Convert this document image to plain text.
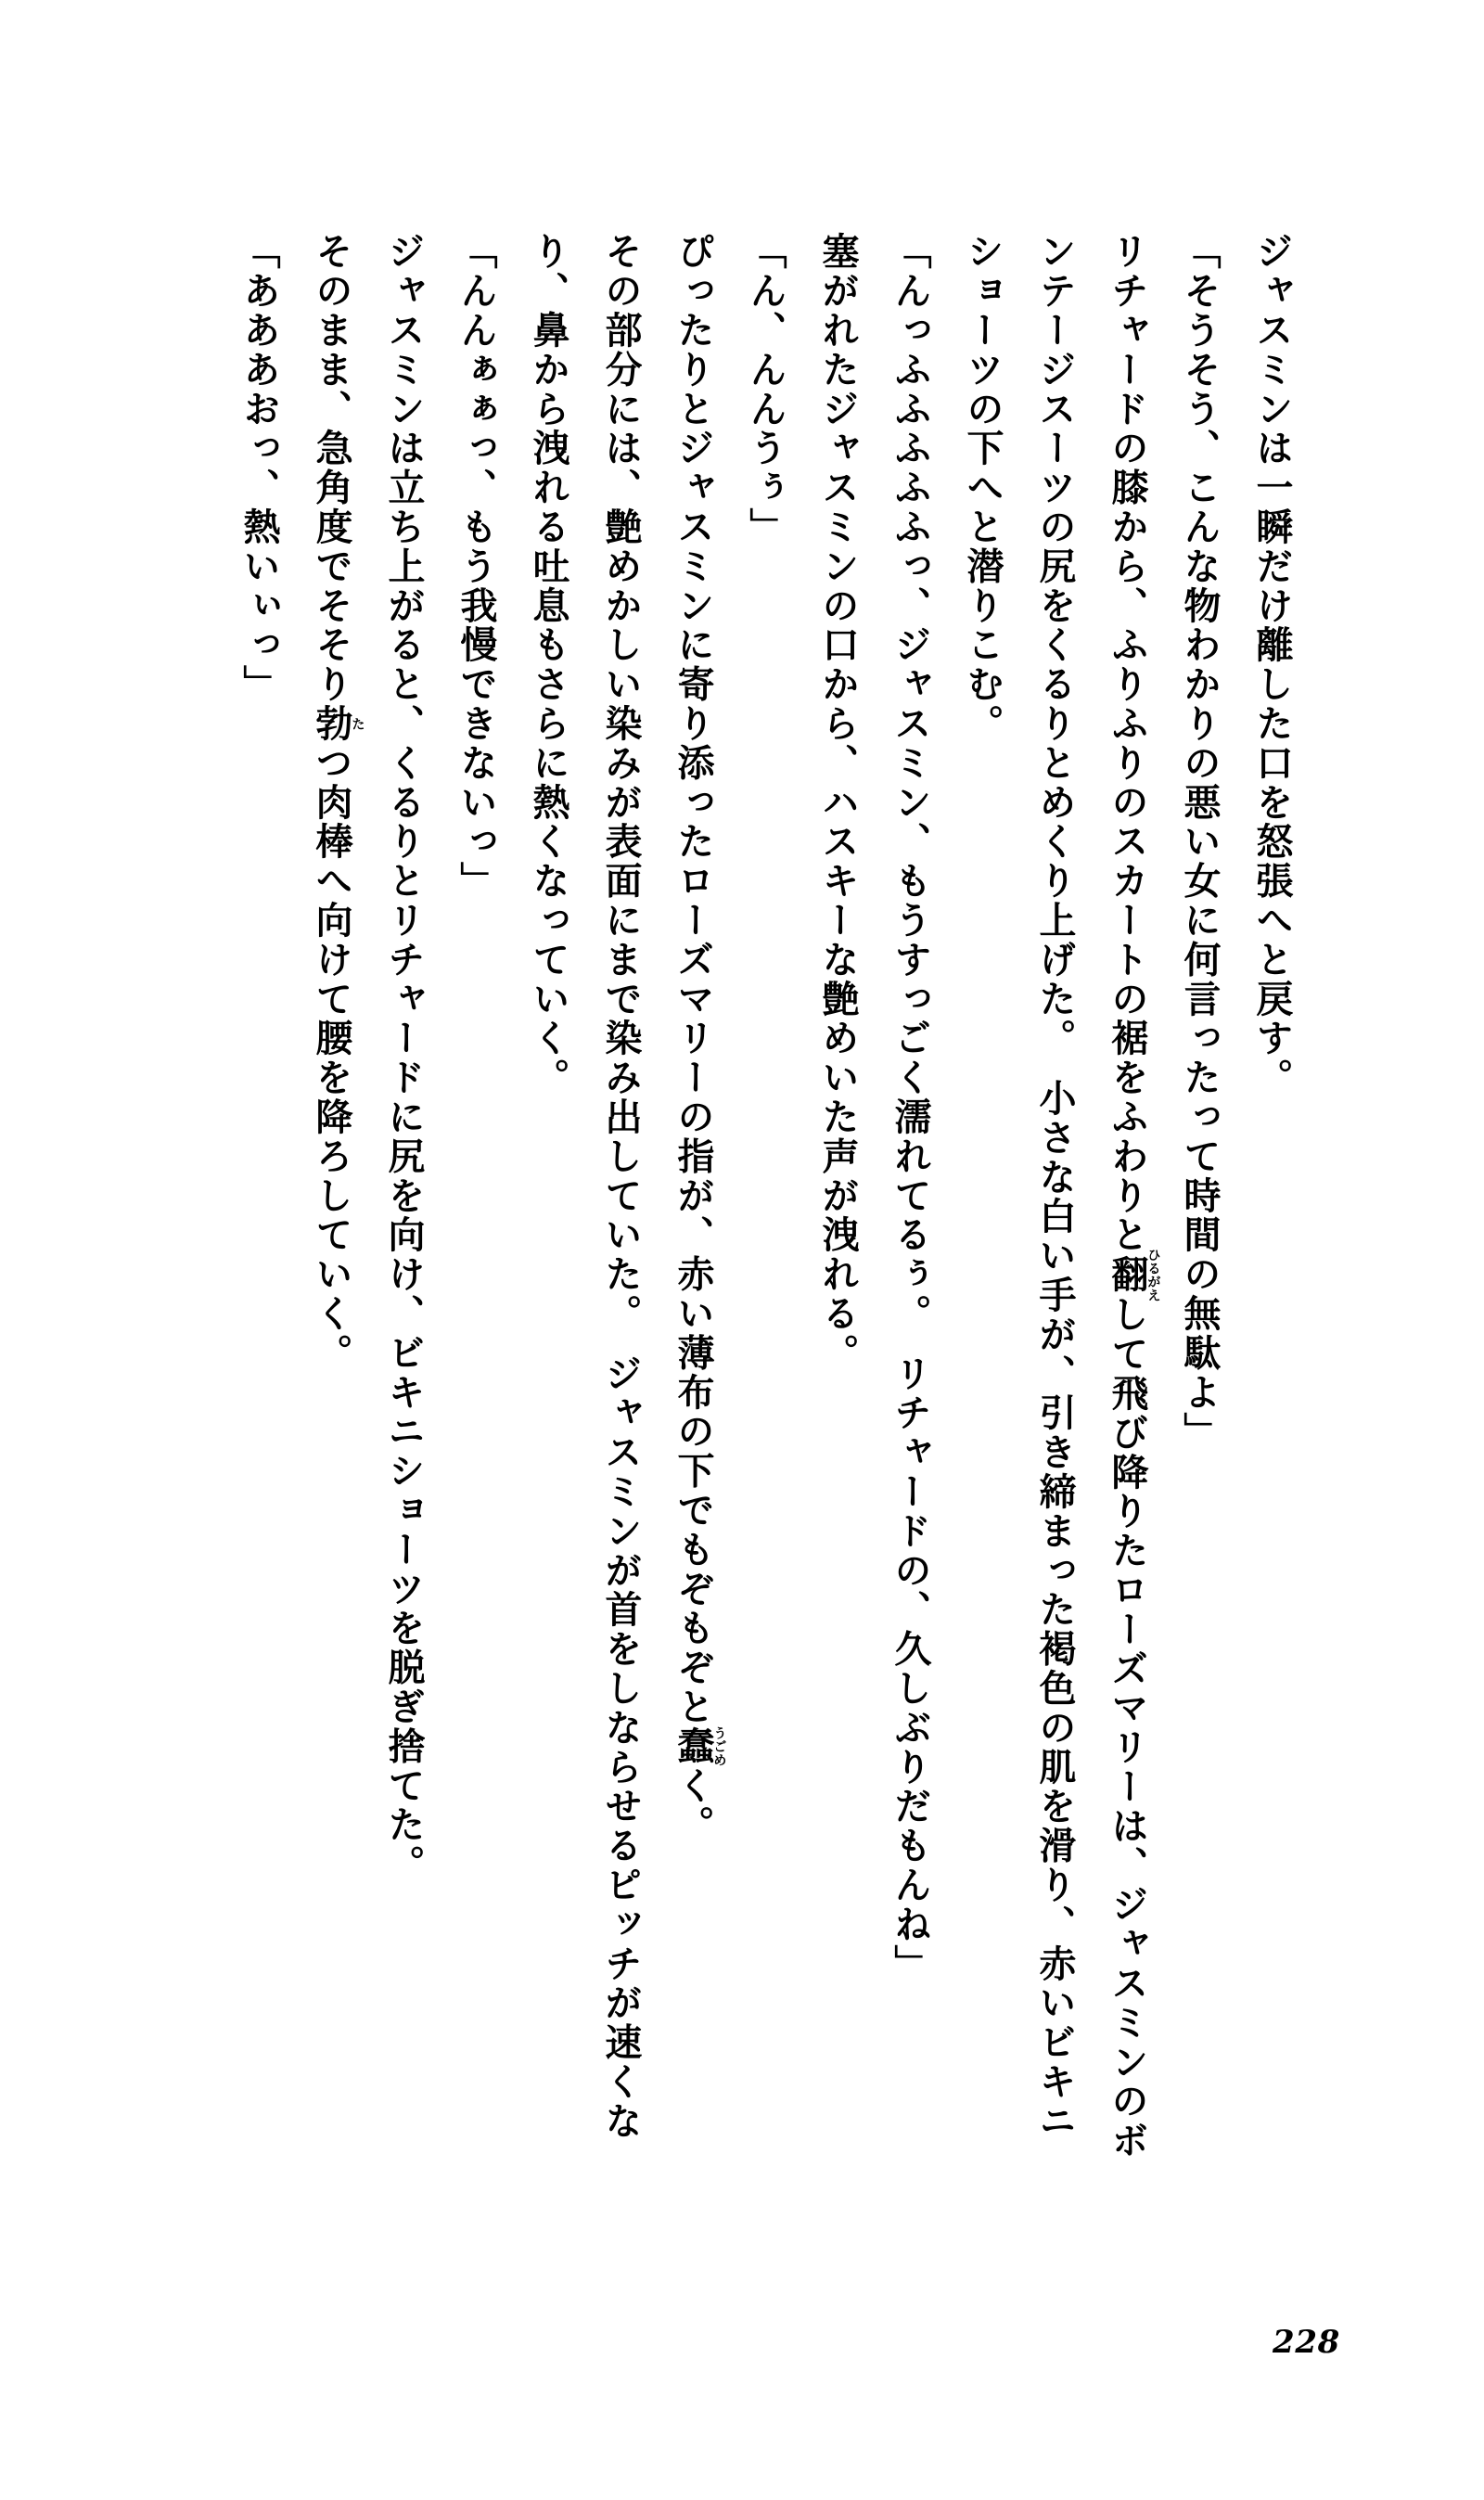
ジャスミンは一瞬だけ離した口を怒張へと戻す。

「そうそう、こんな物わかりの悪い女に何言ったって時間の無駄よ」

リチャードの膝から、ふりふりのスカートの裾をふわりと翻ひるがえして飛び降りたローズマリーは、ジャスミンのボンテージスーツの尻をくるりとめくり上げた。　小さな白い手が、引き締まった褐色の肌を滑り、赤いビキニショーツの下へと潜りこむ。

「んっふふふふふっ、ジャスミン、もうすっごく濡れてるぅ。　リチャードの、久しぶりだもんね」

塞がれたジャスミンの口から、ハスキーな艶めいた声が洩れる。

「ん、んんうぅ」

ぴったりとジャスミンに寄り添ったローズマリーの指が、赤い薄布の下でもぞもぞと蠢うごめく。

その部分には、艶めかしい染みが表面にまで染み出していた。　ジャスミンが首をしならせるピッチが速くなり、鼻から洩れる吐息もさらに熱くなっていく。

「んんぁぁっ、もう我慢できないっ」

ジャスミンは立ち上がると、くるりとリチャードに尻を向け、ビキニショーツを脱ぎ捨てた。

そのまま、急角度でそそり勃たつ肉棒へ向けて腰を降ろしていく。

「あああおっ、熱いぃっ」

228
